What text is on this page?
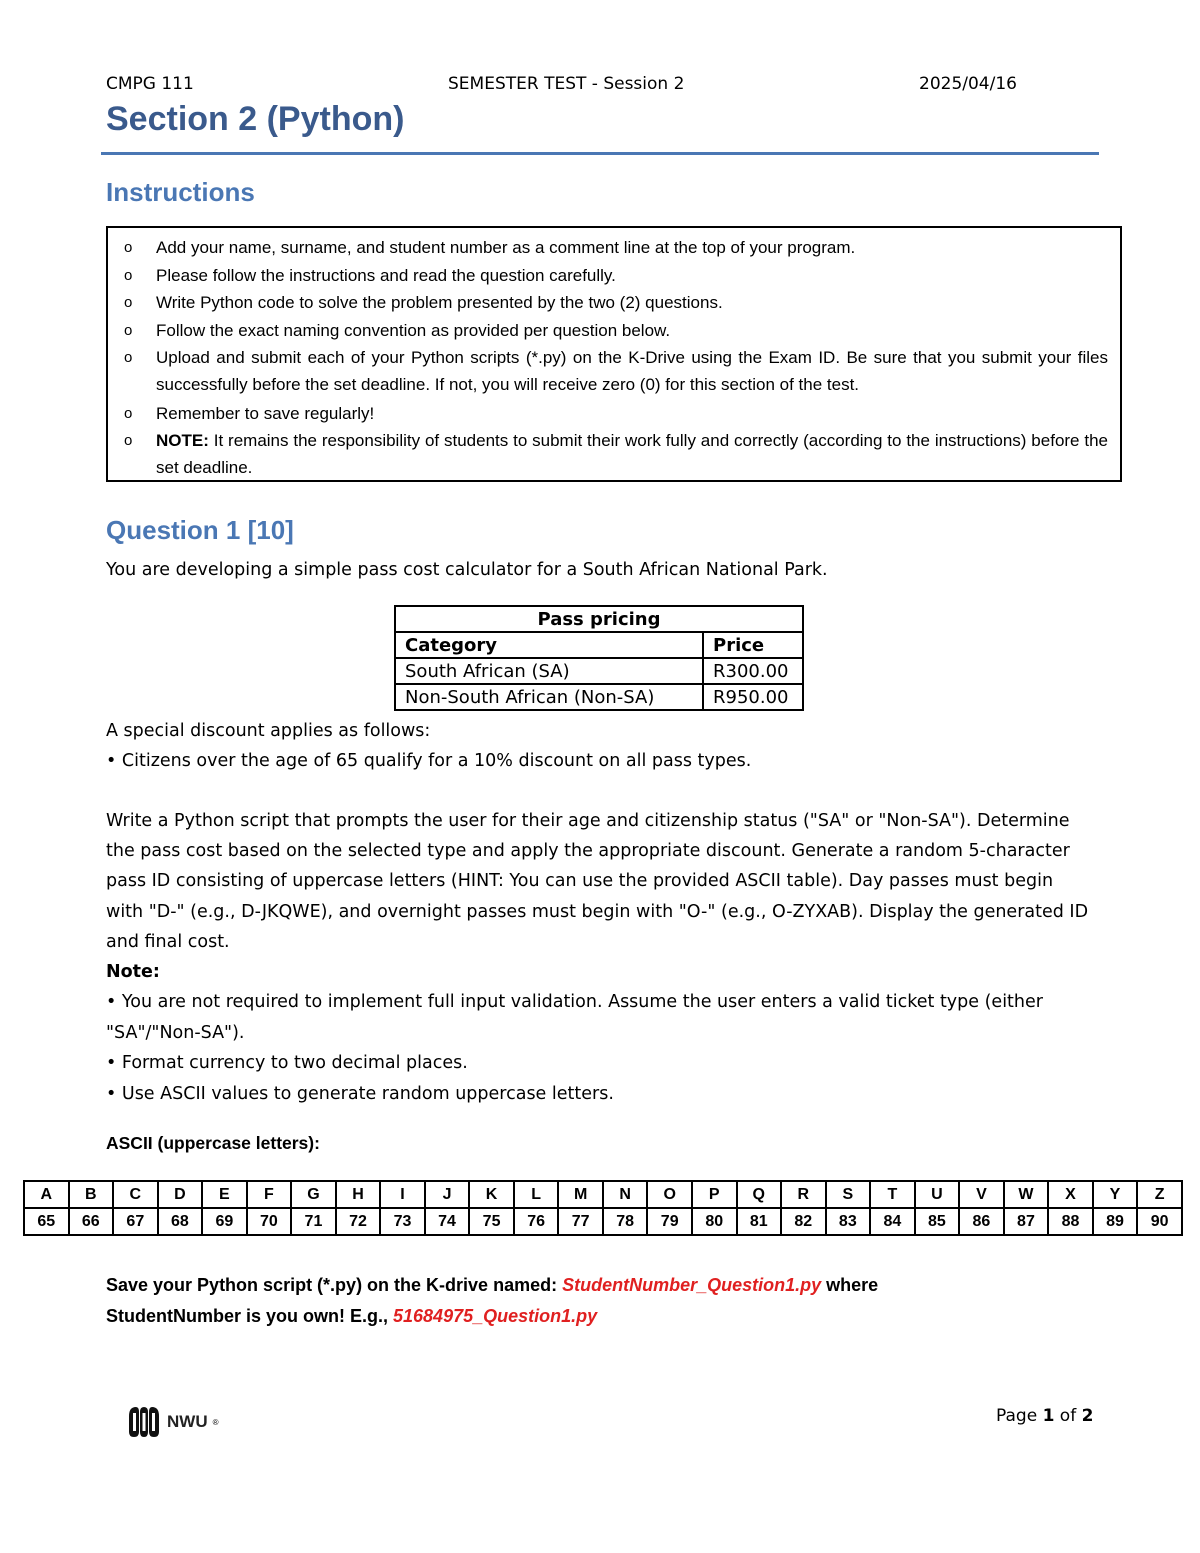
CMPG 111	SEMESTER TEST - Session 2	2025/04/16
Section 2 (Python)
Instructions
o Add your name, surname, and student number as a comment line at the top of your program.
o Please follow the instructions and read the question carefully.
o Write Python code to solve the problem presented by the two (2) questions.
o Follow the exact naming convention as provided per question below.
o Upload and submit each of your Python scripts (*.py) on the K-Drive using the Exam ID. Be sure that you submit your files successfully before the set deadline. If not, you will receive zero (0) for this section of the test.
o Remember to save regularly!
o NOTE: It remains the responsibility of students to submit their work fully and correctly (according to the instructions) before the set deadline.
Question 1 [10]
You are developing a simple pass cost calculator for a South African National Park.
Pass pricing	
Category	Price
South African (SA)	R300.00
Non-South African (Non-SA)	R950.00
A special discount applies as follows:
• Citizens over the age of 65 qualify for a 10% discount on all pass types.
Write a Python script that prompts the user for their age and citizenship status ("SA" or "Non-SA"). Determine
the pass cost based on the selected type and apply the appropriate discount. Generate a random 5-character
pass ID consisting of uppercase letters (HINT: You can use the provided ASCII table). Day passes must begin
with "D-" (e.g., D-JKQWE), and overnight passes must begin with "O-" (e.g., O-ZYXAB). Display the generated ID
and final cost.
Note:
• You are not required to implement full input validation. Assume the user enters a valid ticket type (either
"SA"/"Non-SA").
• Format currency to two decimal places.
• Use ASCII values to generate random uppercase letters.
ASCII (uppercase letters):
A	B	C	D	E	F	G	H	I	J	K	L	M	N	O	P	Q	R	S	T	U	V	W	X	Y	Z
65	66	67	68	69	70	71	72	73	74	75	76	77	78	79	80	81	82	83	84	85	86	87	88	89	90
Save your Python script (*.py) on the K-drive named: StudentNumber_Question1.py where
StudentNumber is you own! E.g., 51684975_Question1.py
NWU ®	Page 1 of 2
